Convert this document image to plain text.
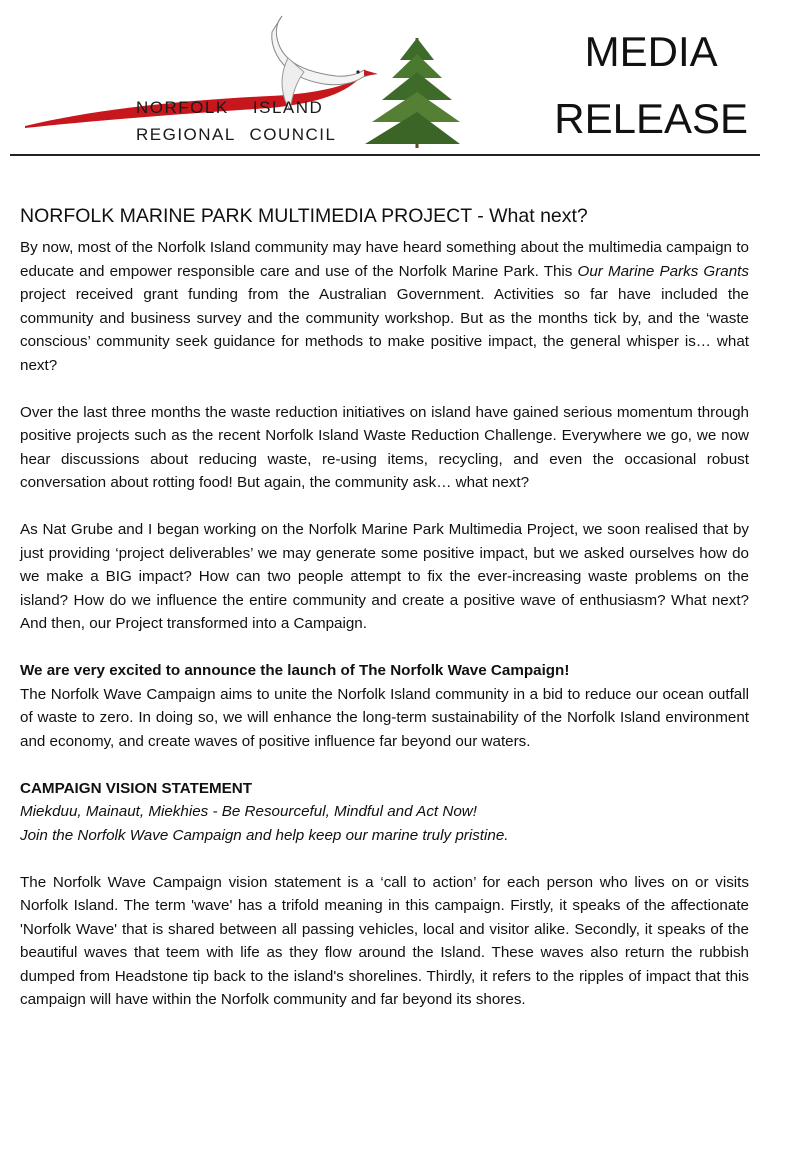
NORFOLK ISLAND
REGIONAL COUNCIL
MEDIA
RELEASE
NORFOLK MARINE PARK MULTIMEDIA PROJECT - What next?

By now, most of the Norfolk Island community may have heard something about the multimedia campaign to educate and empower responsible care and use of the Norfolk Marine Park. This Our Marine Parks Grants project received grant funding from the Australian Government. Activities so far have included the community and business survey and the community workshop. But as the months tick by, and the ‘waste conscious’ community seek guidance for methods to make positive impact, the general whisper is… what next?

Over the last three months the waste reduction initiatives on island have gained serious momentum through positive projects such as the recent Norfolk Island Waste Reduction Challenge. Everywhere we go, we now hear discussions about reducing waste, re-using items, recycling, and even the occasional robust conversation about rotting food! But again, the community ask… what next?

As Nat Grube and I began working on the Norfolk Marine Park Multimedia Project, we soon realised that by just providing ‘project deliverables’ we may generate some positive impact, but we asked ourselves how do we make a BIG impact? How can two people attempt to fix the ever-increasing waste problems on the island? How do we influence the entire community and create a positive wave of enthusiasm? What next? And then, our Project transformed into a Campaign.

We are very excited to announce the launch of The Norfolk Wave Campaign!

The Norfolk Wave Campaign aims to unite the Norfolk Island community in a bid to reduce our ocean outfall of waste to zero. In doing so, we will enhance the long-term sustainability of the Norfolk Island environment and economy, and create waves of positive influence far beyond our waters.

CAMPAIGN VISION STATEMENT

Miekduu, Mainaut, Miekhies - Be Resourceful, Mindful and Act Now!
Join the Norfolk Wave Campaign and help keep our marine truly pristine.

The Norfolk Wave Campaign vision statement is a ‘call to action’ for each person who lives on or visits Norfolk Island. The term 'wave' has a trifold meaning in this campaign. Firstly, it speaks of the affectionate 'Norfolk Wave' that is shared between all passing vehicles, local and visitor alike. Secondly, it speaks of the beautiful waves that teem with life as they flow around the Island. These waves also return the rubbish dumped from Headstone tip back to the island's shorelines. Thirdly, it refers to the ripples of impact that this campaign will have within the Norfolk community and far beyond its shores.
